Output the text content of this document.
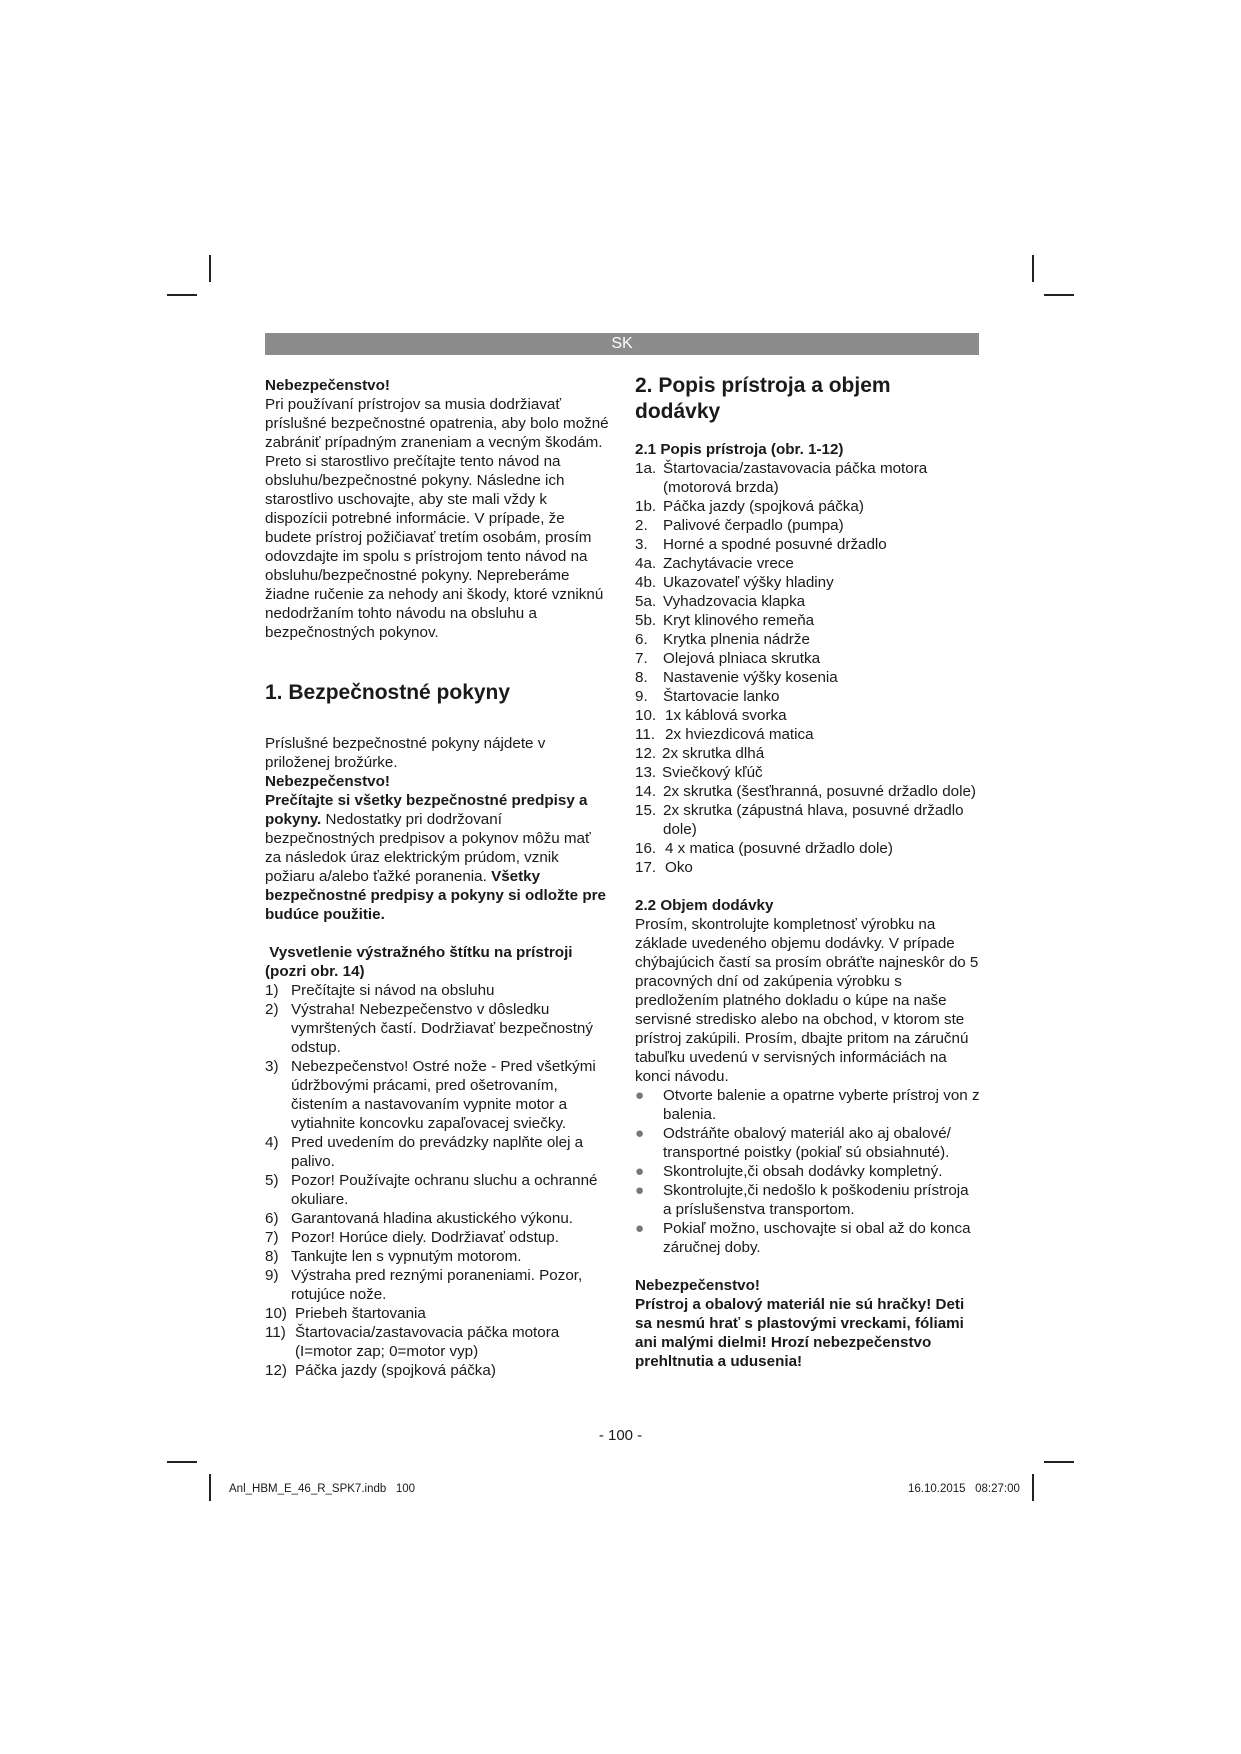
SK
Nebezpečenstvo!

Pri používaní prístrojov sa musia dodržiavať príslušné bezpečnostné opatrenia, aby bolo možné zabrániť prípadným zraneniam a vecným škodám. Preto si starostlivo prečítajte tento návod na obsluhu/bezpečnostné pokyny. Následne ich starostlivo uschovajte, aby ste mali vždy k dispozícii potrebné informácie. V prípade, že budete prístroj požičiavať tretím osobám, prosím odovzdajte im spolu s prístrojom tento návod na obsluhu/bezpečnostné pokyny. Nepreberáme žiadne ručenie za nehody ani škody, ktoré vzniknú nedodržaním tohto návodu na obsluhu a bezpečnostných pokynov.

1. Bezpečnostné pokyny

Príslušné bezpečnostné pokyny nájdete v priloženej brožúrke.

Nebezpečenstvo!

Prečítajte si všetky bezpečnostné predpisy a pokyny. Nedostatky pri dodržovaní bezpečnostných predpisov a pokynov môžu mať za následok úraz elektrickým prúdom, vznik požiaru a/alebo ťažké poranenia. Všetky bezpečnostné predpisy a pokyny si odložte pre budúce použitie.

Vysvetlenie výstražného štítku na prístroji (pozri obr. 14)

1) Prečítajte si návod na obsluhu

2) Výstraha! Nebezpečenstvo v dôsledku vymrštených častí. Dodržiavať bezpečnostný odstup.

3) Nebezpečenstvo! Ostré nože - Pred všetkými údržbovými prácami, pred ošetrovaním, čistením a nastavovaním vypnite motor a vytiahnite koncovku zapaľovacej sviečky.

4) Pred uvedením do prevádzky naplňte olej a palivo.

5) Pozor! Používajte ochranu sluchu a ochranné okuliare.

6) Garantovaná hladina akustického výkonu.

7) Pozor! Horúce diely. Dodržiavať odstup.

8) Tankujte len s vypnutým motorom.

9) Výstraha pred reznými poraneniami. Pozor, rotujúce nože.

10) Priebeh štartovania

11) Štartovacia/zastavovacia páčka motora (I=motor zap; 0=motor vyp)

12) Páčka jazdy (spojková páčka)

2. Popis prístroja a objem dodávky
2.1 Popis prístroja (obr. 1-12)

1a. Štartovacia/zastavovacia páčka motora (motorová brzda)

1b. Páčka jazdy (spojková páčka)

2. Palivové čerpadlo (pumpa)

3. Horné a spodné posuvné držadlo

4a. Zachytávacie vrece

4b. Ukazovateľ výšky hladiny

5a. Vyhadzovacia klapka

5b. Kryt klinového remeňa

6. Krytka plnenia nádrže

7. Olejová plniaca skrutka

8. Nastavenie výšky kosenia

9. Štartovacie lanko

10. 1x káblová svorka

11. 2x hviezdicová matica

12. 2x skrutka dlhá

13. Sviečkový kľúč

14. 2x skrutka (šesťhranná, posuvné držadlo dole)

15. 2x skrutka (zápustná hlava, posuvné držadlo dole)

16. 4 x matica (posuvné držadlo dole)

17. Oko

2.2 Objem dodávky

Prosím, skontrolujte kompletnosť výrobku na základe uvedeného objemu dodávky. V prípade chýbajúcich častí sa prosím obráťte najneskôr do 5 pracovných dní od zakúpenia výrobku s predložením platného dokladu o kúpe na naše servisné stredisko alebo na obchod, v ktorom ste prístroj zakúpili. Prosím, dbajte pritom na záručnú tabuľku uvedenú v servisných informáciách na konci návodu.

● Otvorte balenie a opatrne vyberte prístroj von z balenia.

● Odstráňte obalový materiál ako aj obalové/ transportné poistky (pokiaľ sú obsiahnuté).

● Skontrolujte,či obsah dodávky kompletný.

● Skontrolujte,či nedošlo k poškodeniu prístroja a príslušenstva transportom.

● Pokiaľ možno, uschovajte si obal až do konca záručnej doby.

Nebezpečenstvo!

Prístroj a obalový materiál nie sú hračky! Deti sa nesmú hrať s plastovými vreckami, fóliami ani malými dielmi! Hrozí nebezpečenstvo prehltnutia a udusenia!

- 100 -
Anl_HBM_E_46_R_SPK7.indb   100	16.10.2015   08:27:00
